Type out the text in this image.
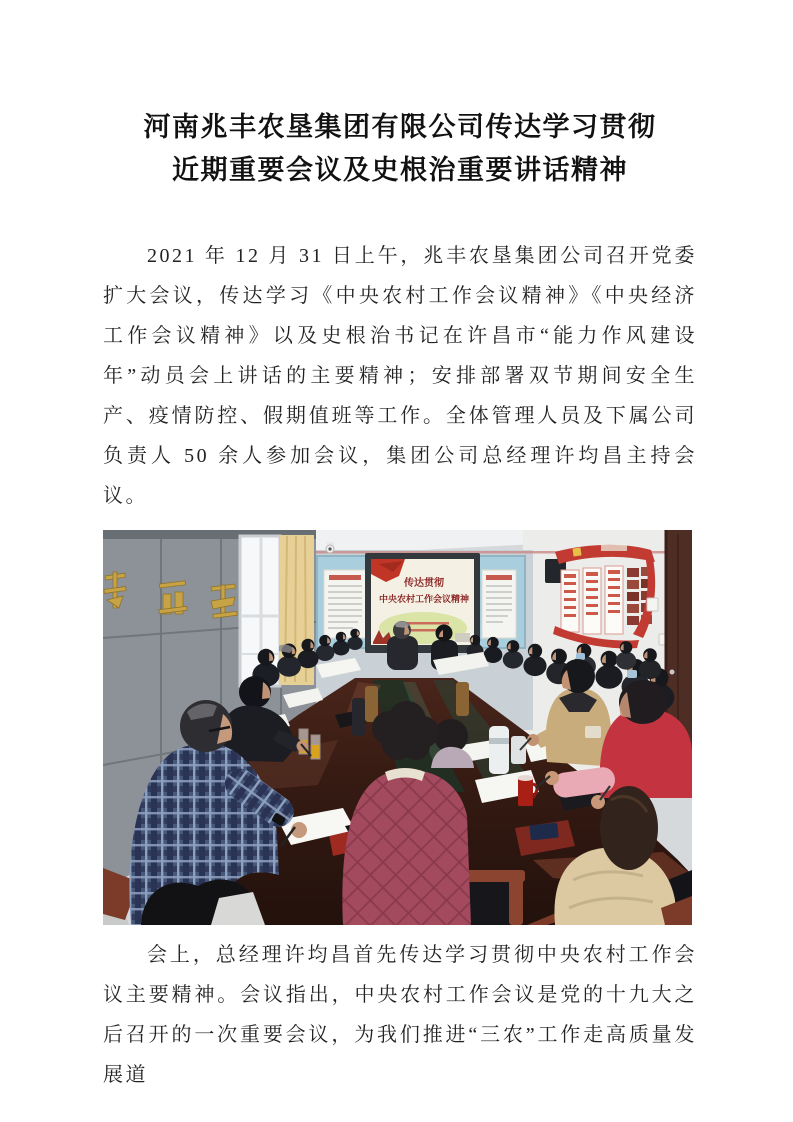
河南兆丰农垦集团有限公司传达学习贯彻
近期重要会议及史根治重要讲话精神

2021 年 12 月 31 日上午，兆丰农垦集团公司召开党委扩大会议，传达学习《中央农村工作会议精神》《中央经济工作会议精神》以及史根治书记在许昌市“能力作风建设年”动员会上讲话的主要精神；安排部署双节期间安全生产、疫情防控、假期值班等工作。全体管理人员及下属公司负责人 50 余人参加会议，集团公司总经理许均昌主持会议。

传达贯彻
中央农村工作会议精神

会上，总经理许均昌首先传达学习贯彻中央农村工作会议主要精神。会议指出，中央农村工作会议是党的十九大之后召开的一次重要会议，为我们推进“三农”工作走高质量发展道
